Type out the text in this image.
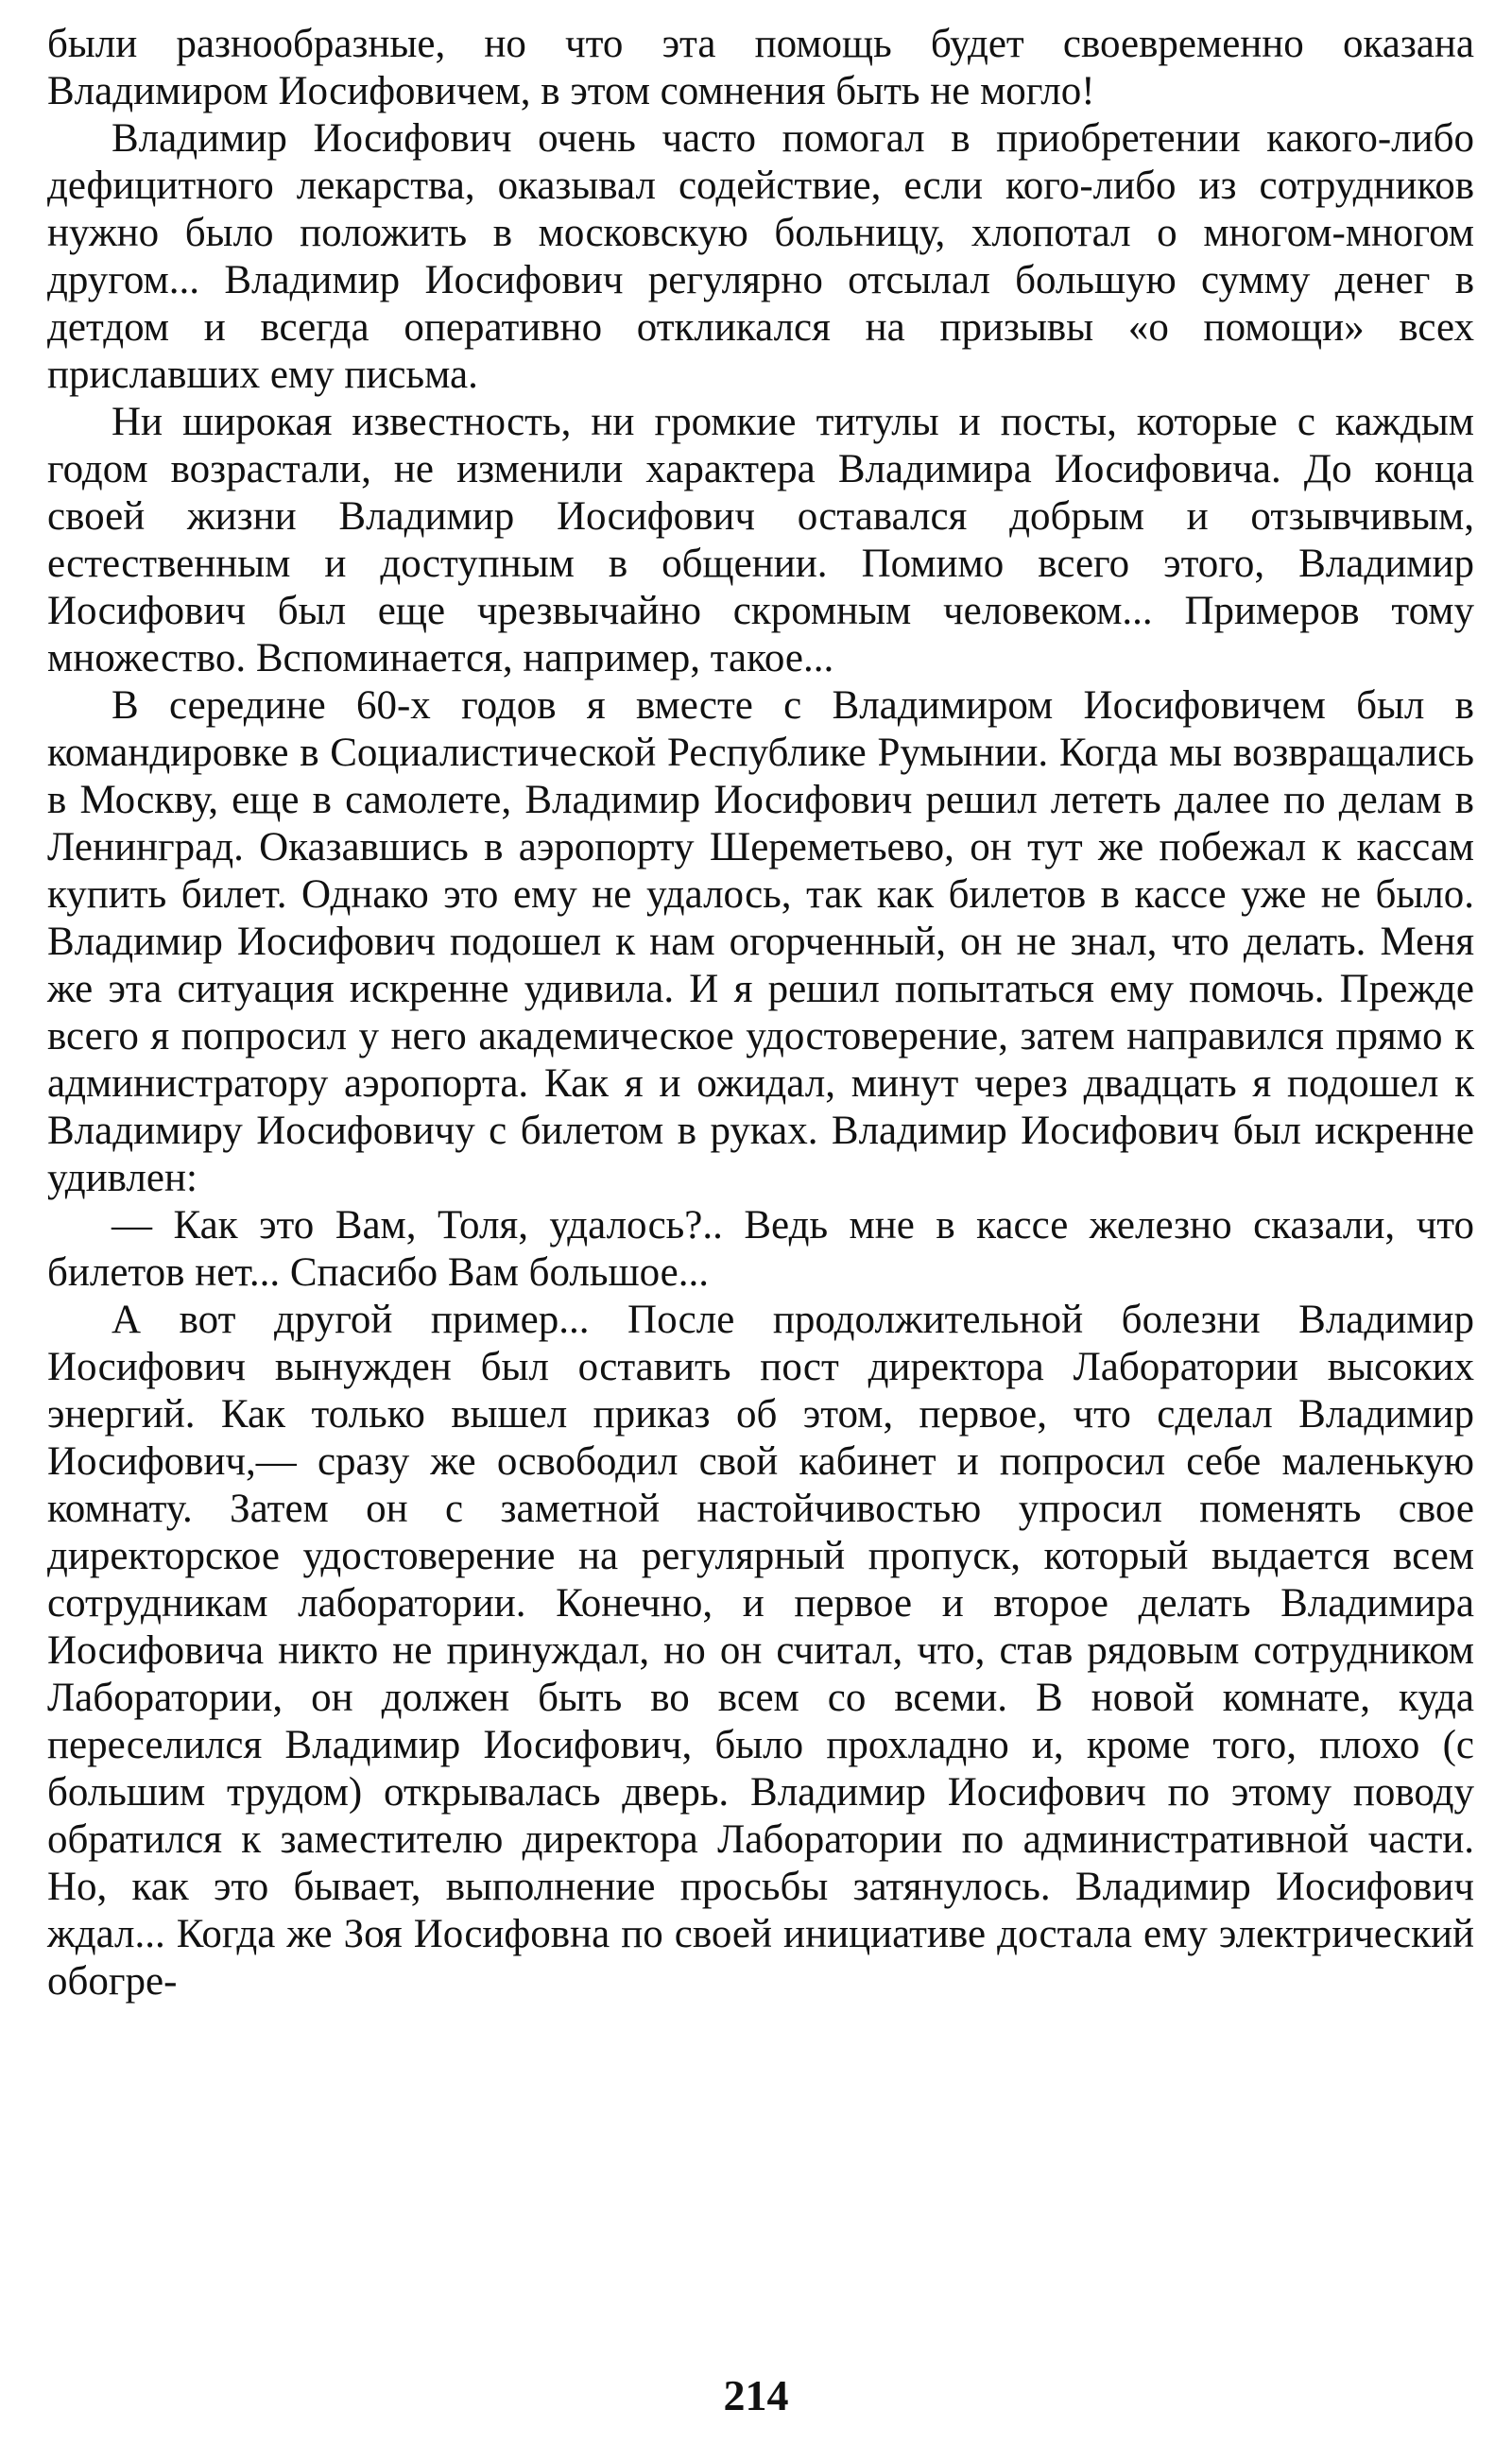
были разнообразные, но что эта помощь будет своевременно оказана Владимиром Иосифовичем, в этом сомнения быть не могло!

Владимир Иосифович очень часто помогал в приобретении какого-либо дефицитного лекарства, оказывал содействие, если кого-либо из сотрудников нужно было положить в московскую больницу, хлопотал о многом-многом другом... Владимир Иосифович регулярно отсылал большую сумму денег в детдом и всегда оперативно откликался на призывы «о помощи» всех приславших ему письма.

Ни широкая известность, ни громкие титулы и посты, которые с каждым годом возрастали, не изменили характера Владимира Иосифовича. До конца своей жизни Владимир Иосифович оставался добрым и отзывчивым, естественным и доступным в общении. Помимо всего этого, Владимир Иосифович был еще чрезвычайно скромным человеком... Примеров тому множество. Вспоминается, например, такое...

В середине 60-х годов я вместе с Владимиром Иосифовичем был в командировке в Социалистической Республике Румынии. Когда мы возвращались в Москву, еще в самолете, Владимир Иосифович решил лететь далее по делам в Ленинград. Оказавшись в аэропорту Шереметьево, он тут же побежал к кассам купить билет. Однако это ему не удалось, так как билетов в кассе уже не было. Владимир Иосифович подошел к нам огорченный, он не знал, что делать. Меня же эта ситуация искренне удивила. И я решил попытаться ему помочь. Прежде всего я попросил у него академическое удостоверение, затем направился прямо к администратору аэропорта. Как я и ожидал, минут через двадцать я подошел к Владимиру Иосифовичу с билетом в руках. Владимир Иосифович был искренне удивлен:

— Как это Вам, Толя, удалось?.. Ведь мне в кассе железно сказали, что билетов нет... Спасибо Вам большое...

А вот другой пример... После продолжительной болезни Владимир Иосифович вынужден был оставить пост директора Лаборатории высоких энергий. Как только вышел приказ об этом, первое, что сделал Владимир Иосифович,— сразу же освободил свой кабинет и попросил себе маленькую комнату. Затем он с заметной настойчивостью упросил поменять свое директорское удостоверение на регулярный пропуск, который выдается всем сотрудникам лаборатории. Конечно, и первое и второе делать Владимира Иосифовича никто не принуждал, но он считал, что, став рядовым сотрудником Лаборатории, он должен быть во всем со всеми. В новой комнате, куда переселился Владимир Иосифович, было прохладно и, кроме того, плохо (с большим трудом) открывалась дверь. Владимир Иосифович по этому поводу обратился к заместителю директора Лаборатории по административной части. Но, как это бывает, выполнение просьбы затянулось. Владимир Иосифович ждал... Когда же Зоя Иосифовна по своей инициативе достала ему электрический обогре-

214
